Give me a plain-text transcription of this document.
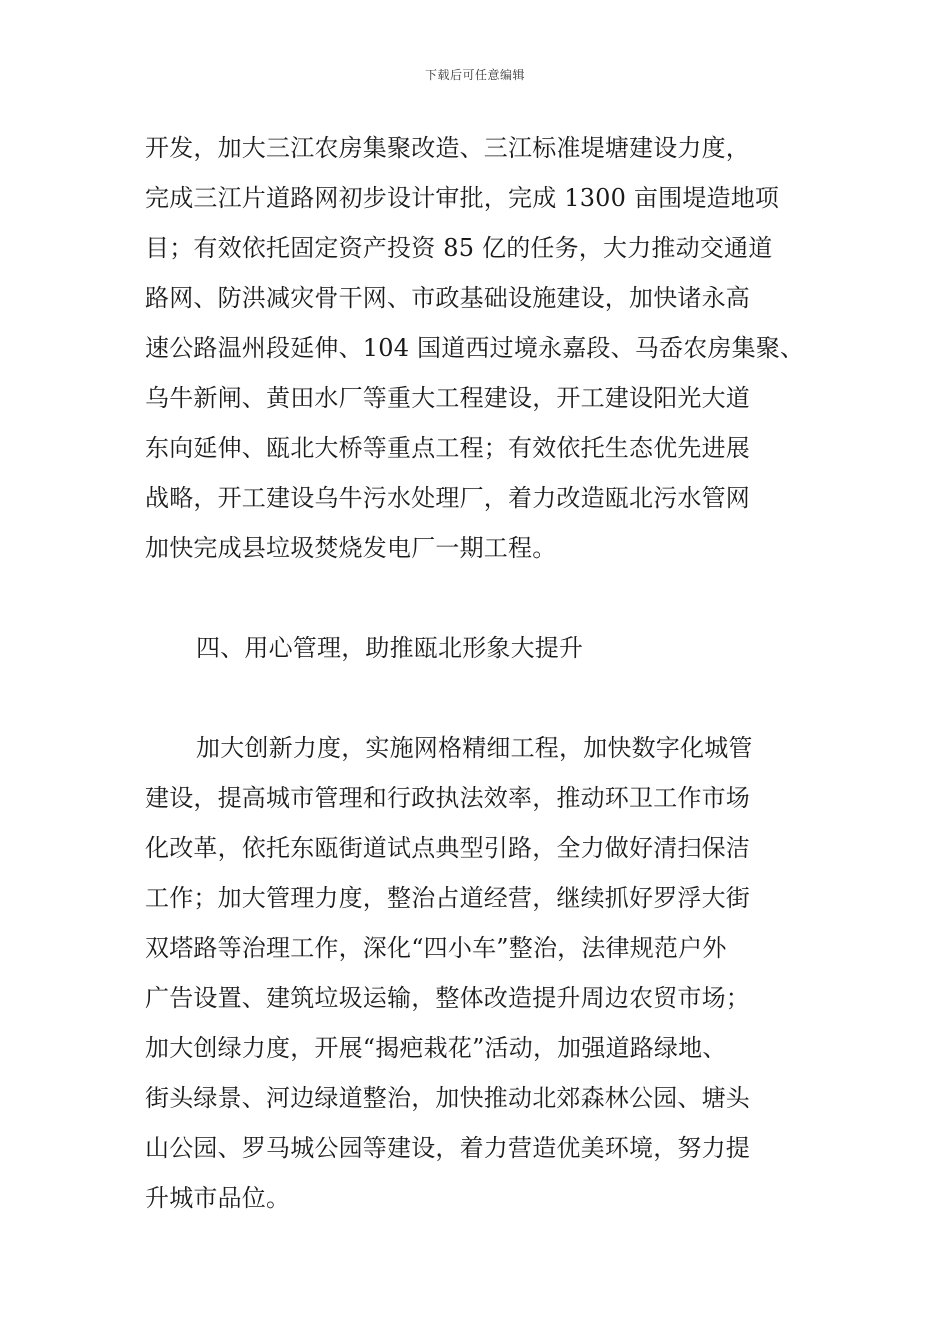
下载后可任意编辑
开发，加大三江农房集聚改造、三江标准堤塘建设力度，
完成三江片道路网初步设计审批，完成 1300 亩围堤造地项
目；有效依托固定资产投资 85 亿的任务，大力推动交通道
路网、防洪减灾骨干网、市政基础设施建设，加快诸永高
速公路温州段延伸、104 国道西过境永嘉段、马岙农房集聚、
乌牛新闸、黄田水厂等重大工程建设，开工建设阳光大道
东向延伸、瓯北大桥等重点工程；有效依托生态优先进展
战略，开工建设乌牛污水处理厂，着力改造瓯北污水管网
加快完成县垃圾焚烧发电厂一期工程。
四、用心管理，助推瓯北形象大提升
加大创新力度，实施网格精细工程，加快数字化城管
建设，提高城市管理和行政执法效率，推动环卫工作市场
化改革，依托东瓯街道试点典型引路，全力做好清扫保洁
工作；加大管理力度，整治占道经营，继续抓好罗浮大街
双塔路等治理工作，深化“四小车”整治，法律规范户外
广告设置、建筑垃圾运输，整体改造提升周边农贸市场；
加大创绿力度，开展“揭疤栽花”活动，加强道路绿地、
街头绿景、河边绿道整治，加快推动北郊森林公园、塘头
山公园、罗马城公园等建设，着力营造优美环境，努力提
升城市品位。
